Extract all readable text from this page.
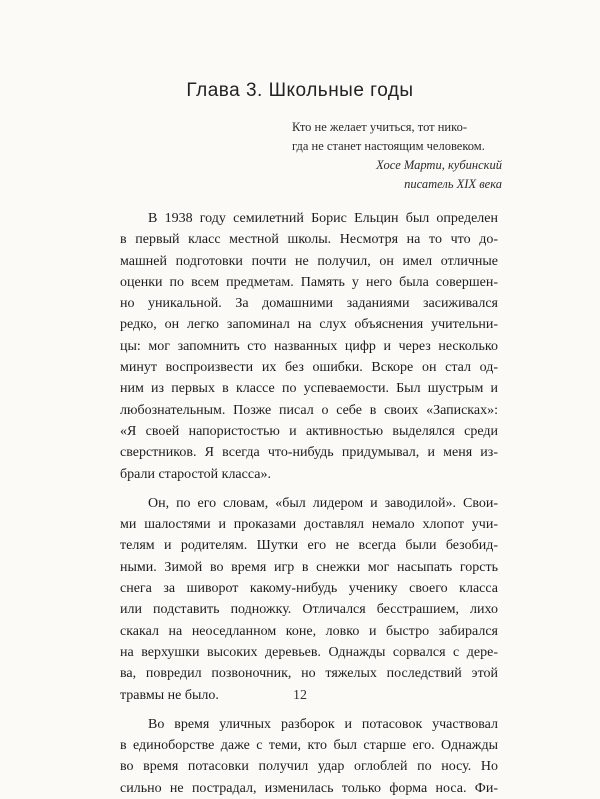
Глава 3. Школьные годы
Кто не желает учиться, тот нико-
гда не станет настоящим человеком.
Хосе Марти, кубинский
писатель XIX века
В 1938 году семилетний Борис Ельцин был определен
в первый класс местной школы. Несмотря на то что до-
машней подготовки почти не получил, он имел отличные
оценки по всем предметам. Память у него была совершен-
но уникальной. За домашними заданиями засиживался
редко, он легко запоминал на слух объяснения учительни-
цы: мог запомнить сто названных цифр и через несколько
минут воспроизвести их без ошибки. Вскоре он стал од-
ним из первых в классе по успеваемости. Был шустрым и
любознательным. Позже писал о себе в своих «Записках»:
«Я своей напористостью и активностью выделялся среди
сверстников. Я всегда что-нибудь придумывал, и меня из-
брали старостой класса».
Он, по его словам, «был лидером и заводилой». Свои-
ми шалостями и проказами доставлял немало хлопот учи-
телям и родителям. Шутки его не всегда были безобид-
ными. Зимой во время игр в снежки мог насыпать горсть
снега за шиворот какому-нибудь ученику своего класса
или подставить подножку. Отличался бесстрашием, лихо
скакал на неоседланном коне, ловко и быстро забирался
на верхушки высоких деревьев. Однажды сорвался с дере-
ва, повредил позвоночник, но тяжелых последствий этой
травмы не было.
Во время уличных разборок и потасовок участвовал
в единоборстве даже с теми, кто был старше его. Однажды
во время потасовки получил удар оглоблей по носу. Но
сильно не пострадал, изменилась только форма носа. Фи-
12
